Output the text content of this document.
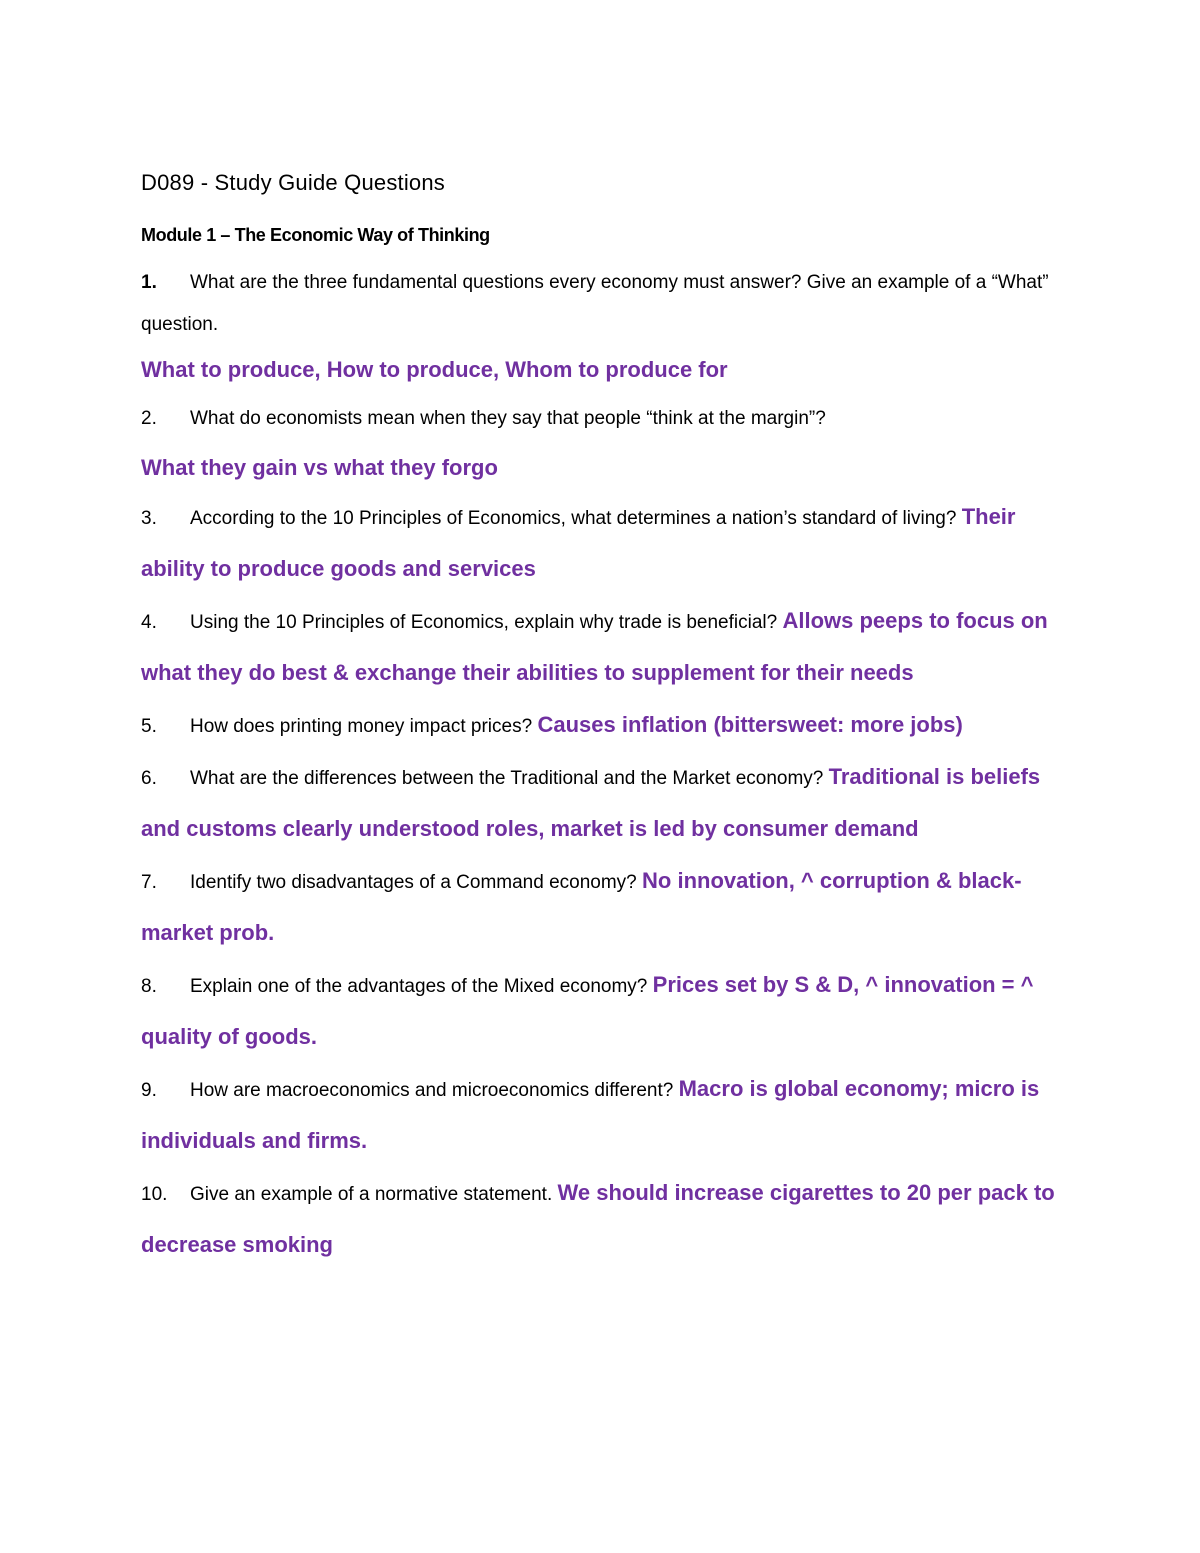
D089 - Study Guide Questions
Module 1 – The Economic Way of Thinking

1. What are the three fundamental questions every economy must answer? Give an example of a “What” question.

What to produce, How to produce, Whom to produce for

2. What do economists mean when they say that people “think at the margin”?

What they gain vs what they forgo

3. According to the 10 Principles of Economics, what determines a nation’s standard of living? Their ability to produce goods and services

4. Using the 10 Principles of Economics, explain why trade is beneficial? Allows peeps to focus on what they do best & exchange their abilities to supplement for their needs

5. How does printing money impact prices? Causes inflation (bittersweet: more jobs)

6. What are the differences between the Traditional and the Market economy? Traditional is beliefs and customs clearly understood roles, market is led by consumer demand

7. Identify two disadvantages of a Command economy? No innovation, ^ corruption & black-market prob.

8. Explain one of the advantages of the Mixed economy? Prices set by S & D, ^ innovation = ^ quality of goods.

9. How are macroeconomics and microeconomics different? Macro is global economy; micro is individuals and firms.

10. Give an example of a normative statement. We should increase cigarettes to 20 per pack to decrease smoking
